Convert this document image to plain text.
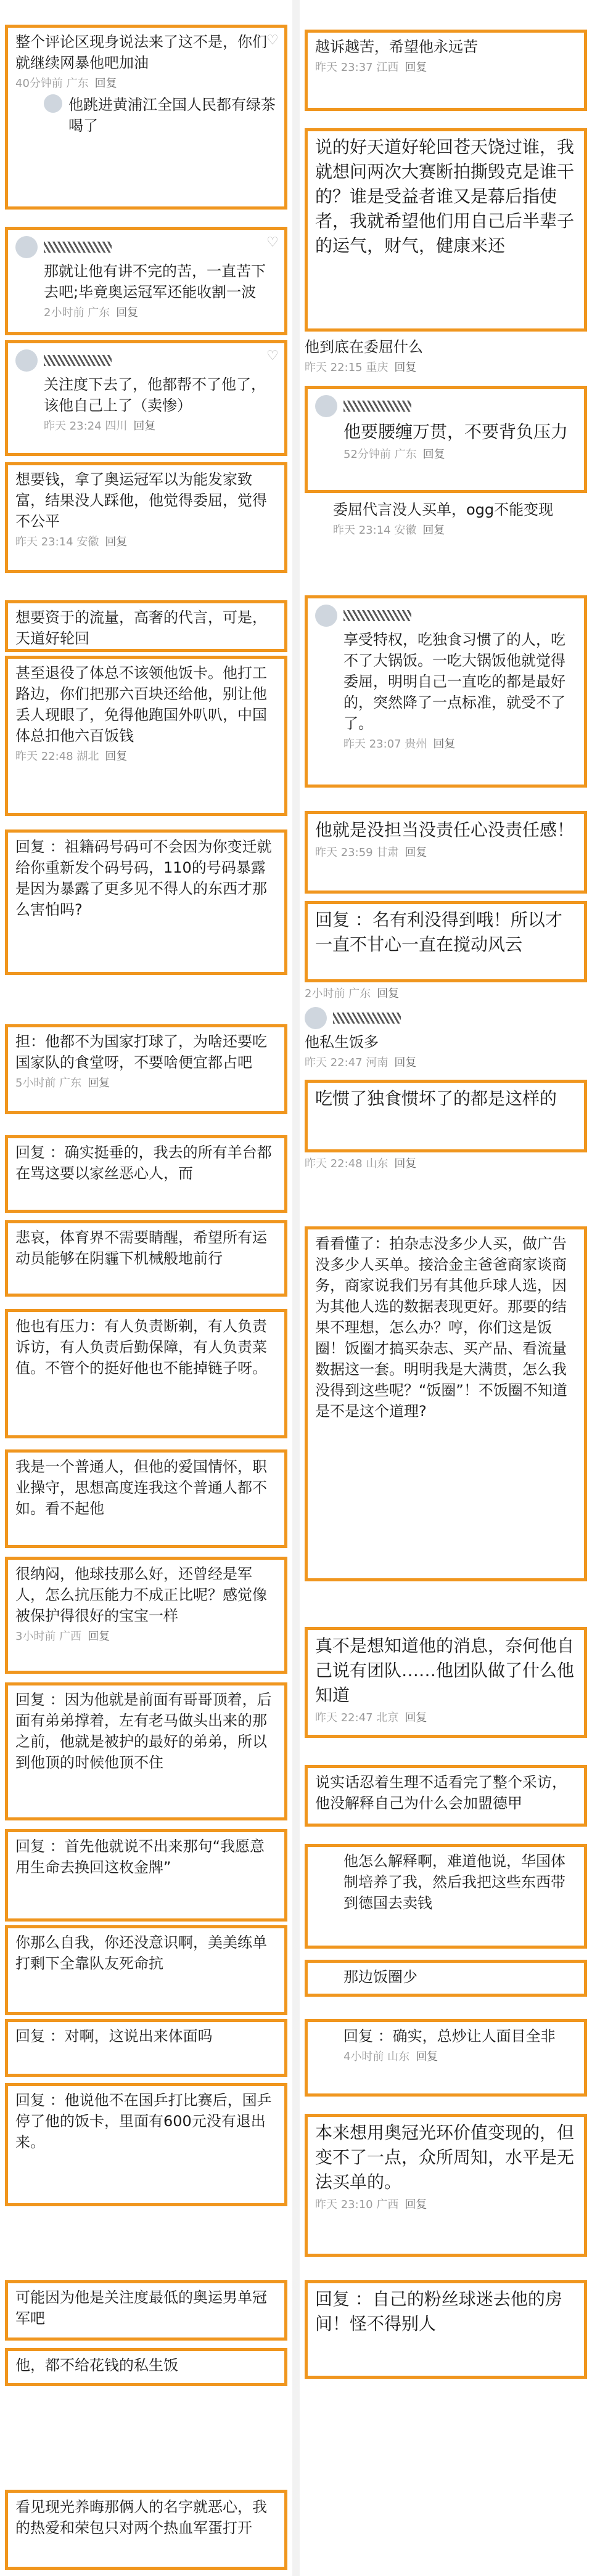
整个评论区现身说法来了这不是，你们就继续网暴他吧加油
40分钟前 广东 回复
他跳进黄浦江全国人民都有绿茶喝了
♡
那就让他有讲不完的苦，一直苦下去吧;毕竟奥运冠军还能收割一波
2小时前 广东 回复
♡
关注度下去了，他都帮不了他了，该他自己上了（卖惨）
昨天 23:24 四川 回复
♡
想要钱，拿了奥运冠军以为能发家致富，结果没人踩他，他觉得委屈，觉得不公平
昨天 23:14 安徽 回复
想要资于的流量，高奢的代言，可是，天道好轮回
甚至退役了体总不该领他饭卡。他打工路边，你们把那六百块还给他，别让他丢人现眼了，免得他跑国外叭叭，中国体总扣他六百饭钱
昨天 22:48 湖北 回复
回复 ：祖籍码号码可不会因为你变迁就给你重新发个码号码，110的号码暴露是因为暴露了更多见不得人的东西才那么害怕吗?
担：他都不为国家打球了，为啥还要吃国家队的食堂呀，不要啥便宜都占吧
5小时前 广东 回复
回复 ：确实挺垂的，我去的所有羊台都在骂这要以家丝恶心人，而
悲哀，体育界不需要睛醒，希望所有运动员能够在阴霾下机械般地前行
他也有压力：有人负责断剃，有人负责诉访，有人负责后勤保障，有人负责菜值。不管个的挺好他也不能掉链子呀。
我是一个普通人，但他的爱国情怀，职业操守，思想高度连我这个普通人都不如。看不起他
很纳闷，他球技那么好，还曾经是军人，怎么抗压能力不成正比呢？感觉像被保护得很好的宝宝一样
3小时前 广西 回复
回复 ：因为他就是前面有哥哥顶着，后面有弟弟撑着，左有老马做头出来的那之前，他就是被护的最好的弟弟，所以到他顶的时候他顶不住
回复 ：首先他就说不出来那句“我愿意用生命去换回这枚金牌”
你那么自我，你还没意识啊，美美练单打剩下全靠队友死命抗
回复 ：对啊，这说出来体面吗
回复 ：他说他不在国乒打比赛后，国乒停了他的饭卡，里面有600元没有退出来。
可能因为他是关注度最低的奥运男单冠军吧
他，都不给花钱的私生饭
看见现光养晦那俩人的名字就恶心，我的热爱和荣包只对两个热血军蛋打开
越诉越苦，希望他永远苦
昨天 23:37 江西 回复
说的好天道好轮回苍天饶过谁，我就想问两次大赛断拍撕毁克是谁干的？谁是受益者谁又是幕后指使者，我就希望他们用自己后半辈子的运气，财气，健康来还
他到底在委屈什么
昨天 22:15 重庆 回复
他要腰缠万贯，不要背负压力
52分钟前 广东 回复
委屈代言没人买单，ogg不能变现
昨天 23:14 安徽 回复
享受特权，吃独食习惯了的人，吃不了大锅饭。一吃大锅饭他就觉得委屈，明明自己一直吃的都是最好的，突然降了一点标准，就受不了了。
昨天 23:07 贵州 回复
他就是没担当没责任心没责任感！
昨天 23:59 甘肃 回复
回复 ：名有利没得到哦！所以才一直不甘心一直在搅动风云
2小时前 广东 回复
他私生饭多
昨天 22:47 河南 回复
吃惯了独食惯坏了的都是这样的
昨天 22:48 山东 回复
看看懂了：拍杂志没多少人买，做广告没多少人买单。接洽金主爸爸商家谈商务，商家说我们另有其他乒球人选，因为其他人选的数据表现更好。那要的结果不理想，怎么办？哼，你们这是饭圈！饭圈才搞买杂志、买产品、看流量数据这一套。明明我是大满贯，怎么我没得到这些呢？“饭圈”！不饭圈不知道是不是这个道理?
真不是想知道他的消息，奈何他自己说有团队……他团队做了什么他知道
昨天 22:47 北京 回复
说实话忍着生理不适看完了整个采访，他没解释自己为什么会加盟德甲
他怎么解释啊，难道他说，华国体制培养了我，然后我把这些东西带到德国去卖钱
那边饭圈少
回复 ：确实，总炒让人面目全非
4小时前 山东 回复
本来想用奥冠光环价值变现的，但变不了一点，众所周知，水平是无法买单的。
昨天 23:10 广西 回复
回复 ：自己的粉丝球迷去他的房间！怪不得别人
